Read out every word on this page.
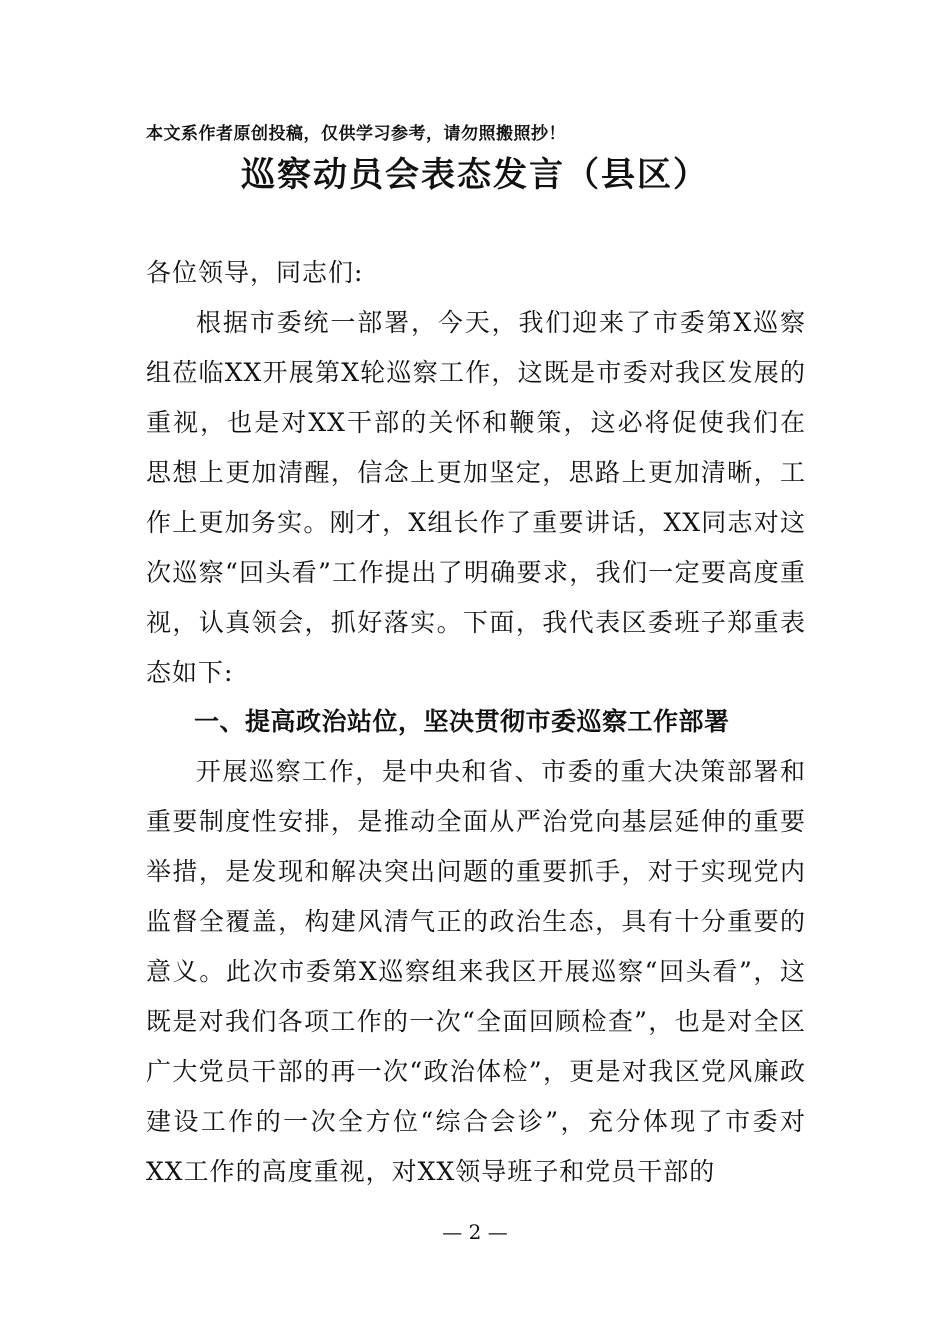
本文系作者原创投稿，仅供学习参考，请勿照搬照抄！
巡察动员会表态发言（县区）
各位领导，同志们:
根据市委统一部署，今天，我们迎来了市委第X巡察组莅临XX开展第X轮巡察工作，这既是市委对我区发展的重视，也是对XX干部的关怀和鞭策，这必将促使我们在思想上更加清醒，信念上更加坚定，思路上更加清晰，工作上更加务实。刚才，X组长作了重要讲话，XX同志对这次巡察“回头看”工作提出了明确要求，我们一定要高度重视，认真领会，抓好落实。下面，我代表区委班子郑重表态如下:
一、提高政治站位，坚决贯彻市委巡察工作部署
开展巡察工作，是中央和省、市委的重大决策部署和重要制度性安排，是推动全面从严治党向基层延伸的重要举措，是发现和解决突出问题的重要抓手，对于实现党内监督全覆盖，构建风清气正的政治生态，具有十分重要的意义。此次市委第X巡察组来我区开展巡察“回头看”，这既是对我们各项工作的一次“全面回顾检查”，也是对全区广大党员干部的再一次“政治体检”，更是对我区党风廉政建设工作的一次全方位“综合会诊”，充分体现了市委对XX工作的高度重视，对XX领导班子和党员干部的
— 2 —
